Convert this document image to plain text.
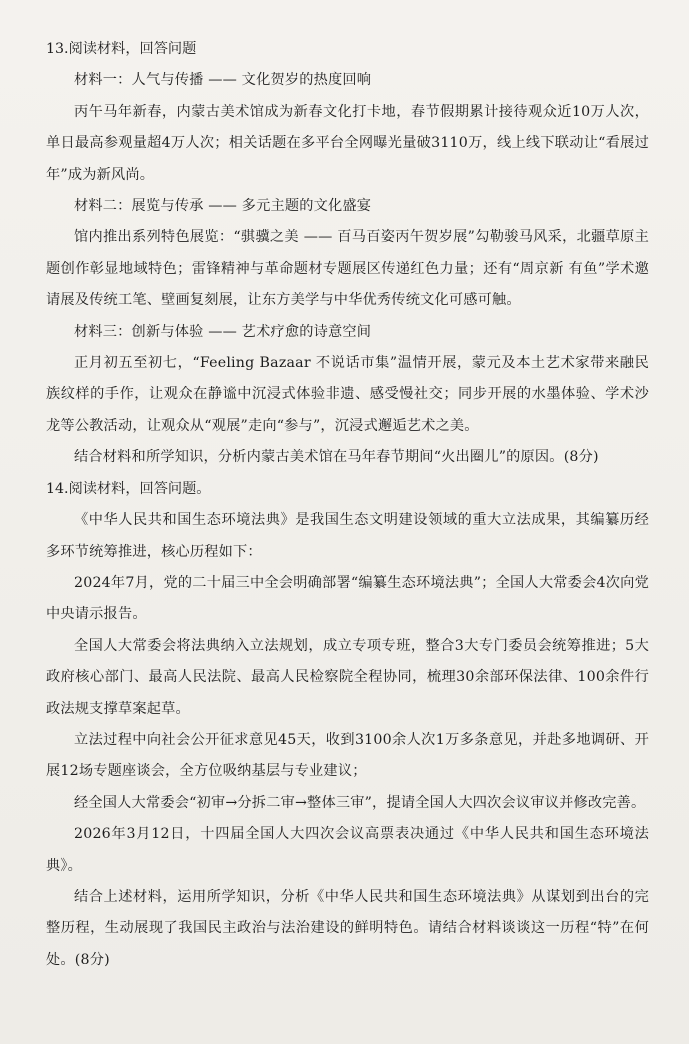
13.阅读材料，回答问题

材料一：人气与传播 —— 文化贺岁的热度回响

丙午马年新春，内蒙古美术馆成为新春文化打卡地，春节假期累计接待观众近10万人次，单日最高参观量超4万人次；相关话题在多平台全网曝光量破3110万，线上线下联动让“看展过年”成为新风尚。

材料二：展览与传承 —— 多元主题的文化盛宴

馆内推出系列特色展览：“骐骥之美 —— 百马百姿丙午贺岁展”勾勒骏马风采，北疆草原主题创作彰显地域特色；雷锋精神与革命题材专题展区传递红色力量；还有“周京新 有鱼”学术邀请展及传统工笔、壁画复刻展，让东方美学与中华优秀传统文化可感可触。

材料三：创新与体验 —— 艺术疗愈的诗意空间

正月初五至初七，“Feeling Bazaar 不说话市集”温情开展，蒙元及本土艺术家带来融民族纹样的手作，让观众在静谧中沉浸式体验非遗、感受慢社交；同步开展的水墨体验、学术沙龙等公教活动，让观众从“观展”走向“参与”，沉浸式邂逅艺术之美。

结合材料和所学知识，分析内蒙古美术馆在马年春节期间“火出圈儿”的原因。(8分)

14.阅读材料，回答问题。

《中华人民共和国生态环境法典》是我国生态文明建设领域的重大立法成果，其编纂历经多环节统筹推进，核心历程如下：

2024年7月，党的二十届三中全会明确部署“编纂生态环境法典”；全国人大常委会4次向党中央请示报告。

全国人大常委会将法典纳入立法规划，成立专项专班，整合3大专门委员会统筹推进；5大政府核心部门、最高人民法院、最高人民检察院全程协同，梳理30余部环保法律、100余件行政法规支撑草案起草。

立法过程中向社会公开征求意见45天，收到3100余人次1万多条意见，并赴多地调研、开展12场专题座谈会，全方位吸纳基层与专业建议；

经全国人大常委会“初审→分拆二审→整体三审”，提请全国人大四次会议审议并修改完善。

2026年3月12日，十四届全国人大四次会议高票表决通过《中华人民共和国生态环境法典》。

结合上述材料，运用所学知识，分析《中华人民共和国生态环境法典》从谋划到出台的完整历程，生动展现了我国民主政治与法治建设的鲜明特色。请结合材料谈谈这一历程“特”在何处。(8分)
